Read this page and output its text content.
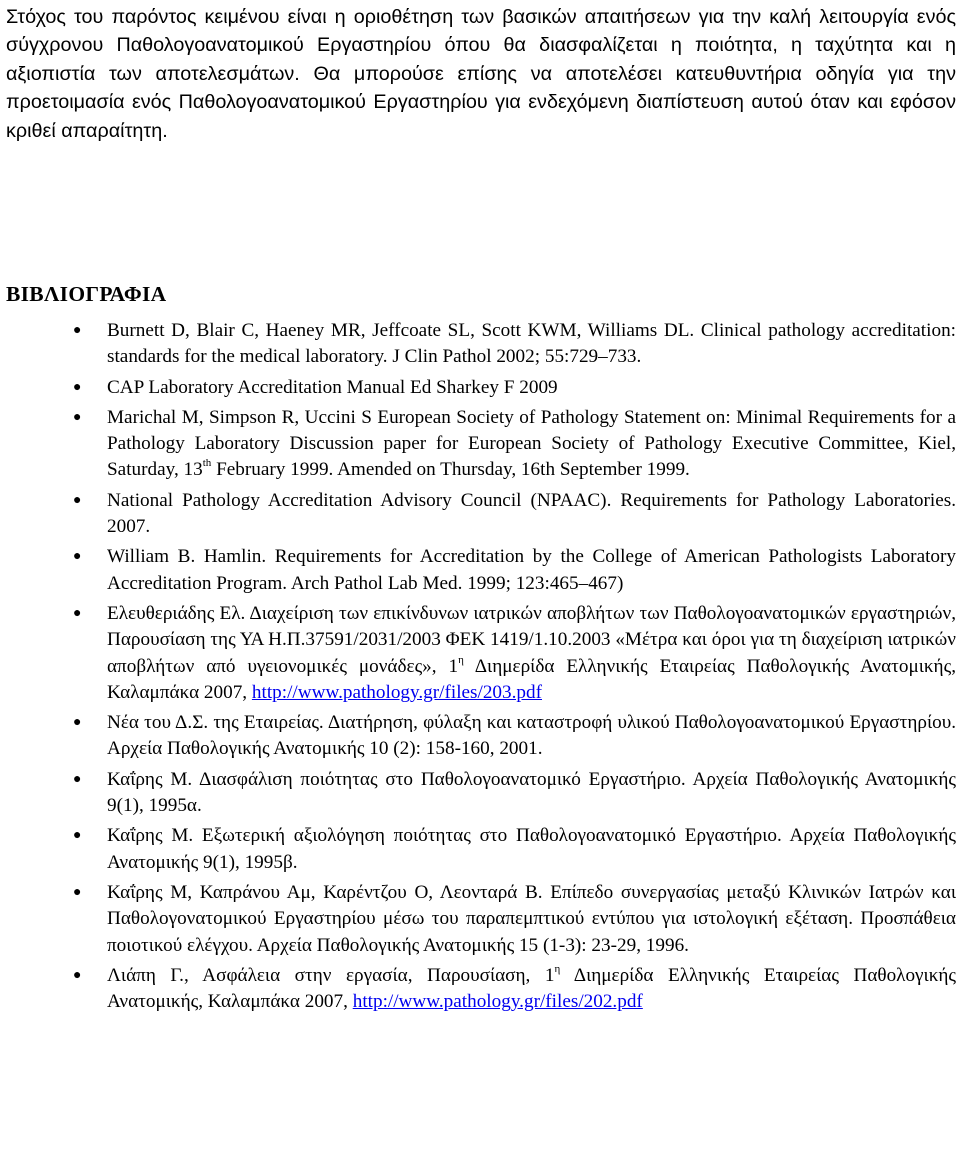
Στόχος του παρόντος κειμένου είναι η οριοθέτηση των βασικών απαιτήσεων για την καλή λειτουργία ενός σύγχρονου Παθολογοανατομικού Εργαστηρίου όπου θα διασφαλίζεται η ποιότητα, η ταχύτητα και η αξιοπιστία των αποτελεσμάτων. Θα μπορούσε επίσης να αποτελέσει κατευθυντήρια οδηγία για την προετοιμασία ενός Παθολογοανατομικού Εργαστηρίου για ενδεχόμενη διαπίστευση αυτού όταν και εφόσον κριθεί απαραίτητη.

ΒΙΒΛΙΟΓΡΑΦΙΑ
● Burnett D, Blair C, Haeney MR, Jeffcoate SL, Scott KWM, Williams DL. Clinical pathology accreditation: standards for the medical laboratory. J Clin Pathol 2002; 55:729–733.
● CAP Laboratory Accreditation Manual Ed Sharkey F 2009
● Marichal M, Simpson R, Uccini S European Society of Pathology Statement on: Minimal Requirements for a Pathology Laboratory Discussion paper for European Society of Pathology Executive Committee, Kiel, Saturday, 13th February 1999. Amended on Thursday, 16th September 1999.
● National Pathology Accreditation Advisory Council (NPAAC). Requirements for Pathology Laboratories. 2007.
● William B. Hamlin. Requirements for Accreditation by the College of American Pathologists Laboratory Accreditation Program. Arch Pathol Lab Med. 1999; 123:465–467)
● Ελευθεριάδης Ελ. Διαχείριση των επικίνδυνων ιατρικών αποβλήτων των Παθολογοανατομικών εργαστηριών, Παρουσίαση της ΥΑ Η.Π.37591/2031/2003 ΦΕΚ 1419/1.10.2003 «Μέτρα και όροι για τη διαχείριση ιατρικών αποβλήτων από υγειονομικές μονάδες», $1^\eta$ Διημερίδα Ελληνικής Εταιρείας Παθολογικής Ανατομικής, Καλαμπάκα 2007, http://www.pathology.gr/files/203.pdf
● Νέα του Δ.Σ. της Εταιρείας. Διατήρηση, φύλαξη και καταστροφή υλικού Παθολογοανατομικού Εργαστηρίου. Αρχεία Παθολογικής Ανατομικής 10 (2): 158-160, 2001.
● Καΐρης Μ. Διασφάλιση ποιότητας στο Παθολογοανατομικό Εργαστήριο. Αρχεία Παθολογικής Ανατομικής 9(1), 1995α.
● Καΐρης Μ. Εξωτερική αξιολόγηση ποιότητας στο Παθολογοανατομικό Εργαστήριο. Αρχεία Παθολογικής Ανατομικής 9(1), 1995β.
● Καΐρης Μ, Καπράνου Αμ, Καρέντζου Ο, Λεονταρά Β. Επίπεδο συνεργασίας μεταξύ Κλινικών Ιατρών και Παθολογονατομικού Εργαστηρίου μέσω του παραπεμπτικού εντύπου για ιστολογική εξέταση. Προσπάθεια ποιοτικού ελέγχου. Αρχεία Παθολογικής Ανατομικής 15 (1-3): 23-29, 1996.
● Λιάπη Γ., Ασφάλεια στην εργασία, Παρουσίαση, $1^\eta$ Διημερίδα Ελληνικής Εταιρείας Παθολογικής Ανατομικής, Καλαμπάκα 2007, http://www.pathology.gr/files/202.pdf
